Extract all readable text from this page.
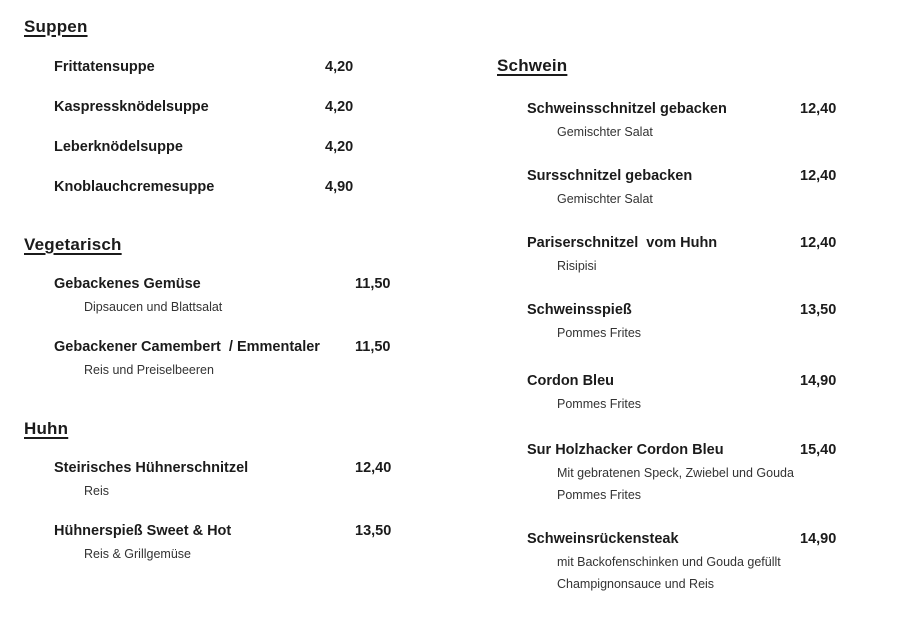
Suppen
Frittatensuppe	4,20
Kaspressknödelsuppe	4,20
Leberknödelsuppe	4,20
Knoblauchcremesuppe	4,90
Vegetarisch
Gebackenes Gemüse	11,50
Dipsaucen und Blattsalat
Gebackener Camembert  / Emmentaler 11,50
Reis und Preiselbeeren
Huhn
Steirisches Hühnerschnitzel	12,40
Reis
Hühnerspieß Sweet & Hot	13,50
Reis & Grillgemüse
Schwein
Schweinsschnitzel gebacken	12,40
Gemischter Salat
Sursschnitzel gebacken	12,40
Gemischter Salat
Pariserschnitzel  vom Huhn	12,40
Risipisi
Schweinsspieß	13,50
Pommes Frites
Cordon Bleu	14,90
Pommes Frites
Sur Holzhacker Cordon Bleu	15,40
Mit gebratenen Speck, Zwiebel und Gouda
Pommes Frites
Schweinsrückensteak	14,90
mit Backofenschinken und Gouda gefüllt
Champignonsauce und Reis
